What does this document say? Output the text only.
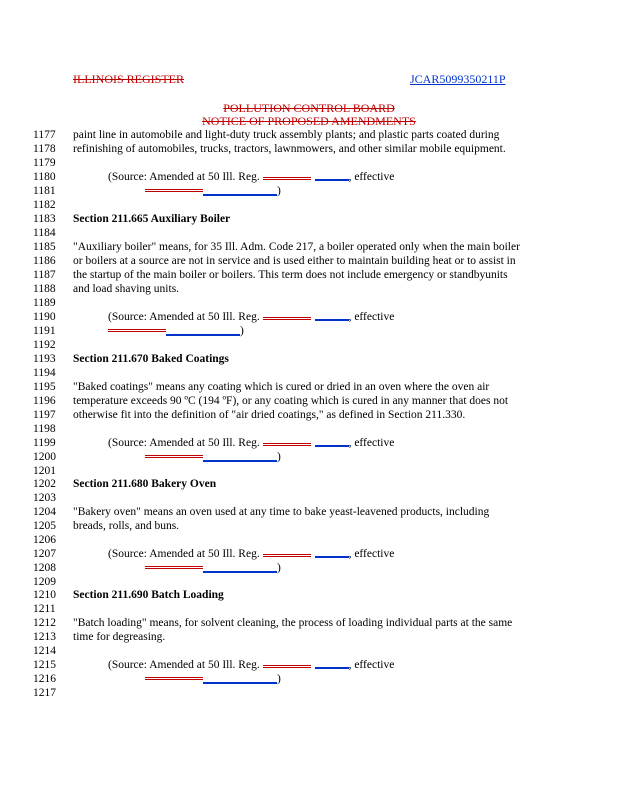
ILLINOIS REGISTER	JCAR5099350211P
POLLUTION CONTROL BOARD
NOTICE OF PROPOSED AMENDMENTS
1177 paint line in automobile and light-duty truck assembly plants; and plastic parts coated during
1178 refinishing of automobiles, trucks, tractors, lawnmowers, and other similar mobile equipment.
1179
1180	(Source: Amended at 50 Ill. Reg.	, effective
1181	)
1182
1183 Section 211.665 Auxiliary Boiler
1184
1185 "Auxiliary boiler" means, for 35 Ill. Adm. Code 217, a boiler operated only when the main boiler
1186 or boilers at a source are not in service and is used either to maintain building heat or to assist in
1187 the startup of the main boiler or boilers. This term does not include emergency or standbyunits
1188 and load shaving units.
1189
1190	(Source: Amended at 50 Ill. Reg.	, effective
1191	)
1192
1193 Section 211.670 Baked Coatings
1194
1195 "Baked coatings" means any coating which is cured or dried in an oven where the oven air
1196 temperature exceeds 90 ºC (194 ºF), or any coating which is cured in any manner that does not
1197 otherwise fit into the definition of "air dried coatings," as defined in Section 211.330.
1198
1199	(Source: Amended at 50 Ill. Reg.	, effective
1200	)
1201
1202 Section 211.680 Bakery Oven
1203
1204 "Bakery oven" means an oven used at any time to bake yeast-leavened products, including
1205 breads, rolls, and buns.
1206
1207	(Source: Amended at 50 Ill. Reg.	, effective
1208	)
1209
1210 Section 211.690 Batch Loading
1211
1212 "Batch loading" means, for solvent cleaning, the process of loading individual parts at the same
1213 time for degreasing.
1214
1215	(Source: Amended at 50 Ill. Reg.	, effective
1216	)
1217
